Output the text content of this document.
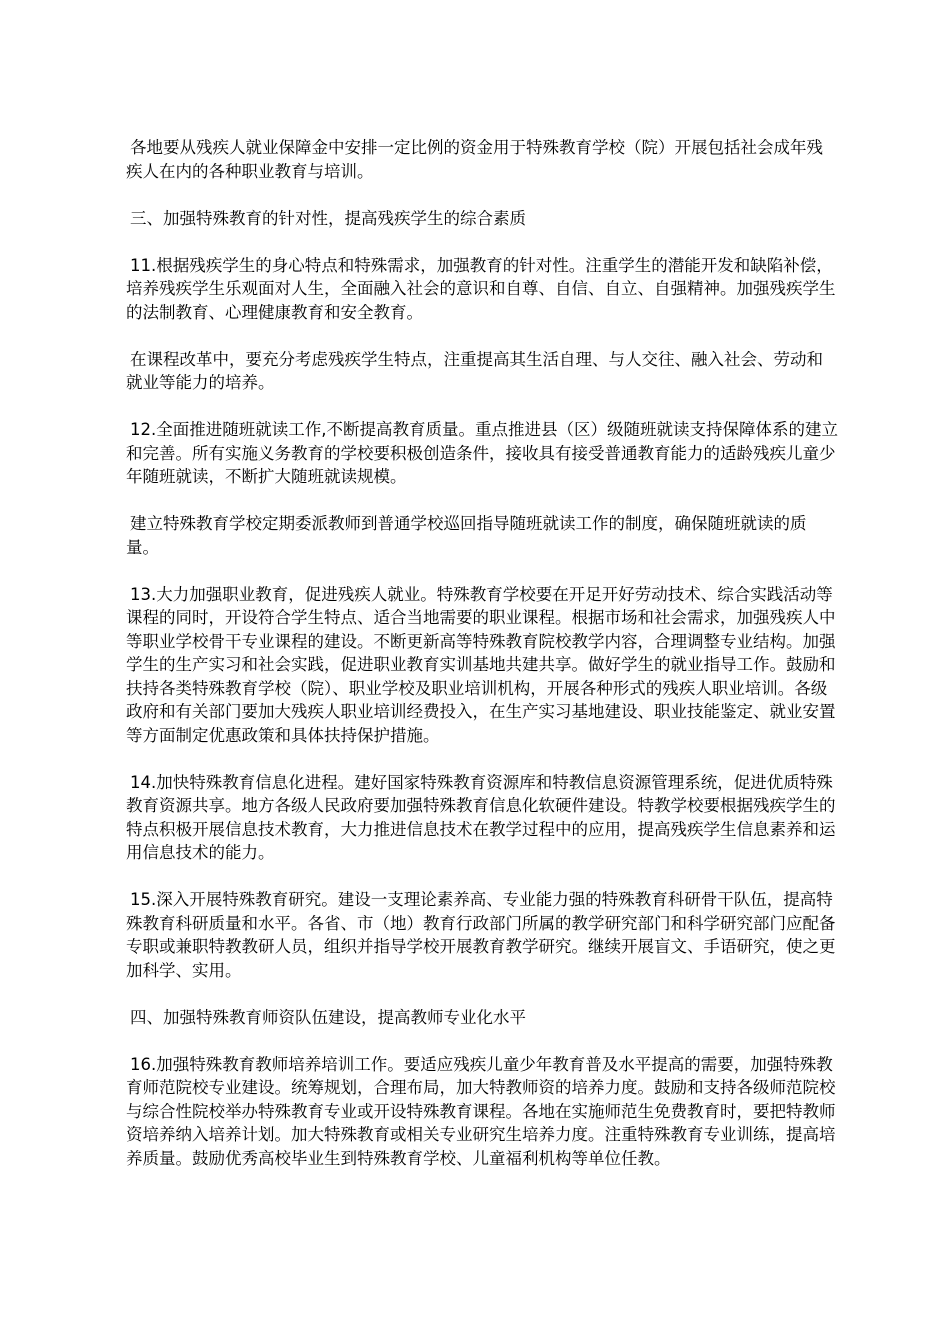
各地要从残疾人就业保障金中安排一定比例的资金用于特殊教育学校（院）开展包括社会成年残疾人在内的各种职业教育与培训。

三、加强特殊教育的针对性，提高残疾学生的综合素质

11.根据残疾学生的身心特点和特殊需求，加强教育的针对性。注重学生的潜能开发和缺陷补偿，培养残疾学生乐观面对人生，全面融入社会的意识和自尊、自信、自立、自强精神。加强残疾学生的法制教育、心理健康教育和安全教育。

在课程改革中，要充分考虑残疾学生特点，注重提高其生活自理、与人交往、融入社会、劳动和就业等能力的培养。

12.全面推进随班就读工作,不断提高教育质量。重点推进县（区）级随班就读支持保障体系的建立和完善。所有实施义务教育的学校要积极创造条件，接收具有接受普通教育能力的适龄残疾儿童少年随班就读，不断扩大随班就读规模。

建立特殊教育学校定期委派教师到普通学校巡回指导随班就读工作的制度，确保随班就读的质量。

13.大力加强职业教育，促进残疾人就业。特殊教育学校要在开足开好劳动技术、综合实践活动等课程的同时，开设符合学生特点、适合当地需要的职业课程。根据市场和社会需求，加强残疾人中等职业学校骨干专业课程的建设。不断更新高等特殊教育院校教学内容，合理调整专业结构。加强学生的生产实习和社会实践，促进职业教育实训基地共建共享。做好学生的就业指导工作。鼓励和扶持各类特殊教育学校（院）、职业学校及职业培训机构，开展各种形式的残疾人职业培训。各级政府和有关部门要加大残疾人职业培训经费投入，在生产实习基地建设、职业技能鉴定、就业安置等方面制定优惠政策和具体扶持保护措施。

14.加快特殊教育信息化进程。建好国家特殊教育资源库和特教信息资源管理系统，促进优质特殊教育资源共享。地方各级人民政府要加强特殊教育信息化软硬件建设。特教学校要根据残疾学生的特点积极开展信息技术教育，大力推进信息技术在教学过程中的应用，提高残疾学生信息素养和运用信息技术的能力。

15.深入开展特殊教育研究。建设一支理论素养高、专业能力强的特殊教育科研骨干队伍，提高特殊教育科研质量和水平。各省、市（地）教育行政部门所属的教学研究部门和科学研究部门应配备专职或兼职特教教研人员，组织并指导学校开展教育教学研究。继续开展盲文、手语研究，使之更加科学、实用。

四、加强特殊教育师资队伍建设，提高教师专业化水平

16.加强特殊教育教师培养培训工作。要适应残疾儿童少年教育普及水平提高的需要，加强特殊教育师范院校专业建设。统筹规划，合理布局，加大特教师资的培养力度。鼓励和支持各级师范院校与综合性院校举办特殊教育专业或开设特殊教育课程。各地在实施师范生免费教育时，要把特教师资培养纳入培养计划。加大特殊教育或相关专业研究生培养力度。注重特殊教育专业训练，提高培养质量。鼓励优秀高校毕业生到特殊教育学校、儿童福利机构等单位任教。
